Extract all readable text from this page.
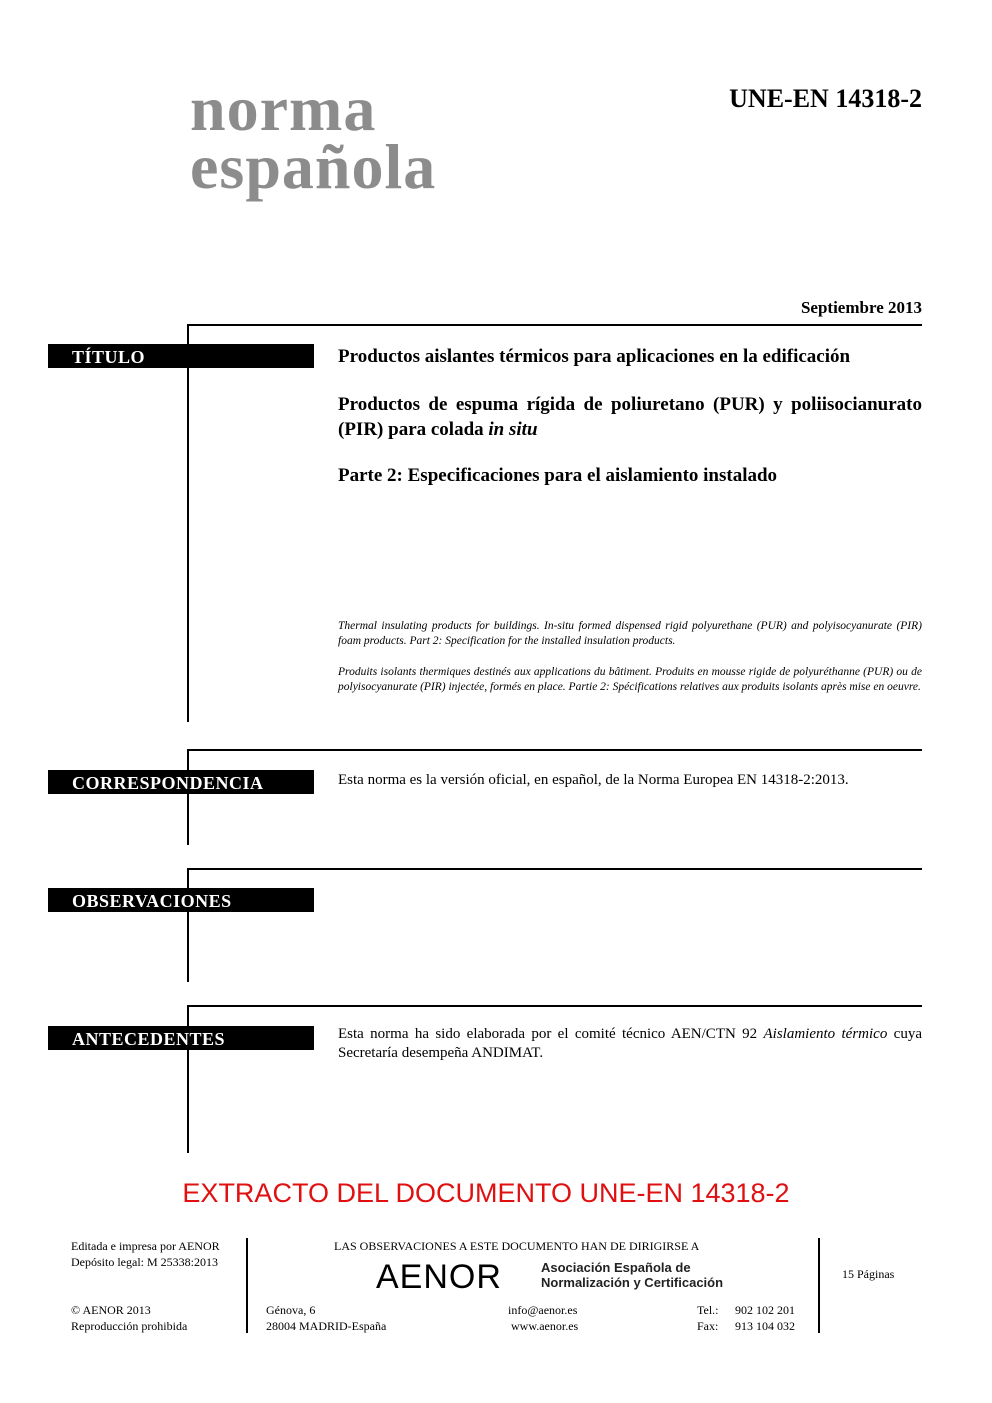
norma
española
UNE-EN 14318-2
Septiembre 2013
TÍTULO	Productos aislantes térmicos para aplicaciones en la edificación

Productos de espuma rígida de poliuretano (PUR) y poliisocianurato (PIR) para colada in situ

Parte 2: Especificaciones para el aislamiento instalado

Thermal insulating products for buildings. In-situ formed dispensed rigid polyurethane (PUR) and polyisocyanurate (PIR) foam products. Part 2: Specification for the installed insulation products.
Produits isolants thermiques destinés aux applications du bâtiment. Produits en mousse rigide de polyuréthanne (PUR) ou de polyisocyanurate (PIR) injectée, formés en place. Partie 2: Spécifications relatives aux produits isolants après mise en oeuvre.
CORRESPONDENCIA	Esta norma es la versión oficial, en español, de la Norma Europea EN 14318-2:2013.
OBSERVACIONES
ANTECEDENTES	Esta norma ha sido elaborada por el comité técnico AEN/CTN 92 Aislamiento térmico cuya Secretaría desempeña ANDIMAT.
EXTRACTO DEL DOCUMENTO UNE-EN 14318-2
Editada e impresa por AENOR
Depósito legal: M 25338:2013
© AENOR 2013
Reproducción prohibida
LAS OBSERVACIONES A ESTE DOCUMENTO HAN DE DIRIGIRSE A
AENOR	Asociación Española de
Normalización y Certificación
Génova, 6
28004 MADRID-España
info@aenor.es
www.aenor.es
Tel.: 902 102 201
Fax: 913 104 032
15 Páginas
